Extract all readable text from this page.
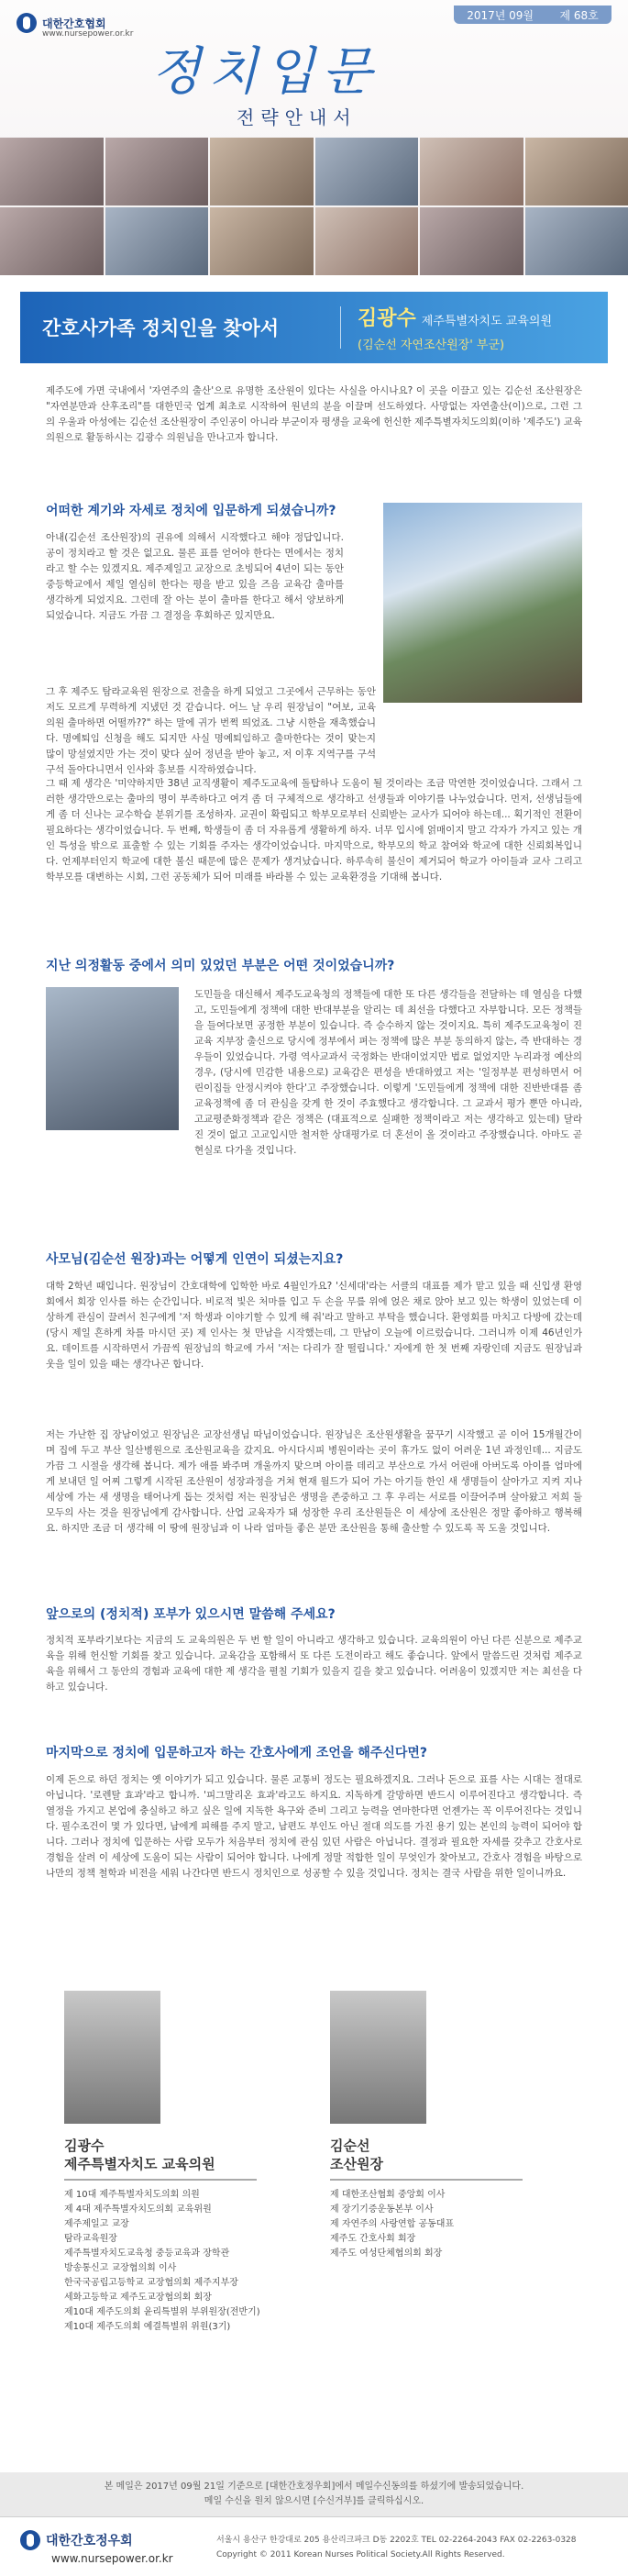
대한간호협회
www.nursepower.or.kr
2017년 09월 제 68호
정치입문
전략안내서
간호사가족 정치인을 찾아서	김광수 제주특별자치도 교육의원
(김순선 자연조산원장' 부군)

제주도에 가면 국내에서 '자연주의 출산'으로 유명한 조산원이 있다는 사실을 아시나요? 이 곳을 이끌고 있는 김순선 조산원장은 "자연분만과 산후조리"를 대한민국 업계 최초로 시작하여 원년의 분을 이끌며 선도하였다. 사망없는 자연출산(이)으로, 그런 그의 우울과 아성에는 김순선 조산원장이 주인공이 아니라 부군이자 평생을 교육에 헌신한 제주특별자치도의회(이하 '제주도') 교육의원으로 활동하시는 김광수 의원님을 만나고자 합니다.

어떠한 계기와 자세로 정치에 입문하게 되셨습니까?

아내(김순선 조산원장)의 권유에 의해서 시작했다고 해야 정답입니다. 공이 정치라고 할 것은 없고요. 물론 표를 얻어야 한다는 면에서는 정치라고 할 수는 있겠지요. 제주제일고 교장으로 초빙되어 4년이 되는 동안 중등학교에서 제일 열심히 한다는 평을 받고 있을 즈음 교육감 출마를 생각하게 되었지요. 그런데 잘 아는 분이 출마를 한다고 해서 양보하게 되었습니다. 지금도 가끔 그 결정을 후회하곤 있지만요.

그 후 제주도 탐라교육원 원장으로 전출을 하게 되었고 그곳에서 근무하는 동안 저도 모르게 무력하게 지냈던 것 같습니다. 어느 날 우리 원장님이 "여보, 교육의원 출마하면 어떨까??" 하는 말에 귀가 번쩍 띄었죠. 그냥 시한을 재촉했습니다. 명예퇴임 신청을 해도 되지만 사실 명예퇴임하고 출마한다는 것이 맞는지 많이 망설였지만 가는 것이 맞다 싶어 정년을 받아 놓고, 저 이후 지역구를 구석구석 돌아다니면서 인사와 흥보를 시작하였습니다.

그 때 제 생각은 '미약하지만 38년 교직생활이 제주도교육에 돌탑하나 도움이 될 것이라는 조금 막연한 것이었습니다. 그래서 그러한 생각만으로는 출마의 명이 부족하다고 여겨 좀 더 구체적으로 생각하고 선생들과 이야기를 나누었습니다. 먼저, 선생님들에게 좀 더 신나는 교수학습 분위기를 조성하자. 교권이 확립되고 학부모로부터 신뢰받는 교사가 되어야 하는데... 획기적인 전환이 필요하다는 생각이었습니다. 두 번째, 학생들이 좀 더 자유롭게 생활하게 하자. 너무 입시에 얽매이지 말고 각자가 가지고 있는 개인 특성을 밖으로 표출할 수 있는 기회를 주자는 생각이었습니다. 마지막으로, 학부모의 학교 참여와 학교에 대한 신뢰회복입니다. 언제부터인지 학교에 대한 불신 때문에 많은 문제가 생겨났습니다. 하루속히 불신이 제거되어 학교가 아이들과 교사 그리고 학부모를 대변하는 시회, 그런 공동체가 되어 미래를 바라볼 수 있는 교육환경을 기대해 봅니다.

지난 의정활동 중에서 의미 있었던 부분은 어떤 것이었습니까?

도민들을 대신해서 제주도교육청의 정책들에 대한 또 다른 생각들을 전달하는 데 열심을 다했고, 도민들에게 정책에 대한 반대부분을 알리는 데 최선을 다했다고 자부합니다. 모든 정책들을 들여다보면 공정한 부분이 있습니다. 즉 승수하지 않는 것이지요. 특히 제주도교육청이 진교육 지부장 출신으로 당시에 정부에서 펴는 정책에 많은 부분 동의하지 않는, 즉 반대하는 경우들이 있었습니다. 가령 역사교과서 국정화는 반대이었지만 법로 없었지만 누리과정 예산의 경우, (당시에 민감한 내용으로) 교육감은 편성을 반대하였고 저는 '일정부분 편성하면서 어린이집들 안정시켜야 한다'고 주장했습니다. 이렇게 '도민들에게 정책에 대한 진반반대를 좀 교육정책에 좀 더 관심을 갖게 한 것이 주효했다고 생각합니다. 그 교과서 평가 뿐만 아니라, 고교평준화정책과 같은 정책은 (대표적으로 실패한 정책이라고 저는 생각하고 있는데) 달라진 것이 없고 고교입시만 철저한 상대평가로 더 혼선이 올 것이라고 주장했습니다. 아마도 곧 현실로 다가올 것입니다.

사모님(김순선 원장)과는 어떻게 인연이 되셨는지요?

대학 2학년 때입니다. 원장님이 간호대학에 입학한 바로 4월인가요? '신세대'라는 서클의 대표를 제가 맡고 있을 때 신입생 환영회에서 회장 인사를 하는 순간입니다. 비로적 빛은 처마를 입고 두 손을 무릎 위에 얹은 채로 앉아 보고 있는 학생이 있었는데 이상하게 관심이 끌려서 친구에게 '저 학생과 이야기할 수 있게 해 줘'라고 말하고 부탁을 했습니다. 환영회를 마치고 다방에 갔는데 (당시 제일 흔하게 차를 마시던 곳) 제 인사는 첫 만남을 시작했는데, 그 만남이 오늘에 이르렀습니다. 그러니까 이제 46년인가요. 데이트를 시작하면서 가끔씩 원장님의 학교에 가서 '저는 다리가 잘 떨립니다.' 자에게 한 첫 번째 자랑인데 지금도 원장님과 웃을 일이 있을 때는 생각나곤 합니다.

저는 가난한 집 장남이었고 원장님은 교장선생님 따님이었습니다. 원장님은 조산원생활을 꿈꾸기 시작했고 곧 이어 15개월간이며 집에 두고 부산 일산병원으로 조산원교육을 갔지요. 아시다시피 병원이라는 곳이 휴가도 없이 어려운 1년 과정인데... 지금도 가끔 그 시절을 생각해 봅니다. 제가 애를 봐주며 개울까지 맞으며 아이를 데리고 부산으로 가서 어린애 아버도록 아이를 엄마에게 보내던 일 어찌 그렇게 시작된 조산원이 성장과정을 거쳐 현재 월드가 되어 가는 아기들 한인 새 생명들이 살아가고 지켜 지나 세상에 가는 새 생명을 태어나게 돕는 것처럼 저는 원장님은 생명을 존중하고 그 후 우리는 서로를 이끌어주며 살아왔고 저희 둘 모두의 사는 것을 원장님에게 감사합니다. 산업 교육자가 돼 성장한 우리 조산원들은 이 세상에 조산원은 정말 좋아하고 행복해요. 하지만 조금 더 생각해 이 땅에 원장님과 이 나라 엄마들 좋은 분만 조산원을 통해 출산할 수 있도록 꼭 도울 것입니다.

앞으로의 (정치적) 포부가 있으시면 말씀해 주세요?

정치적 포부라기보다는 지금의 도 교육의원은 두 번 할 일이 아니라고 생각하고 있습니다. 교육의원이 아닌 다른 신분으로 제주교육을 위해 헌신할 기회를 찾고 있습니다. 교육감을 포함해서 또 다른 도전이라고 해도 좋습니다. 앞에서 말씀드린 것처럼 제주교육을 위해서 그 동안의 경험과 교육에 대한 제 생각을 펼칠 기회가 있을지 길을 찾고 있습니다. 어려움이 있겠지만 저는 최선을 다하고 있습니다.

마지막으로 정치에 입문하고자 하는 간호사에게 조언을 해주신다면?

이제 돈으로 하던 정치는 옛 이야기가 되고 있습니다. 물론 교통비 정도는 필요하겠지요. 그러나 돈으로 표를 사는 시대는 절대로 아닙니다. '로렌탈 효과'라고 합니까. '피그말리온 효과'라고도 하지요. 지독하게 갈망하면 반드시 이루어진다고 생각합니다. 즉 열정을 가지고 본업에 충실하고 하고 싶은 일에 지독한 욕구와 준비 그리고 능력을 연마한다면 언젠가는 꼭 이루어진다는 것입니다. 필수조건이 몇 가 있다면, 남에게 피해를 주지 말고, 남편도 부인도 아닌 절대 의도를 가진 용기 있는 본인의 능력이 되어야 합니다. 그러나 정치에 입문하는 사람 모두가 처음부터 정치에 관심 있던 사람은 아닙니다. 결정과 필요한 자세를 갖추고 간호사로 경험을 살려 이 세상에 도움이 되는 사람이 되어야 합니다. 나에게 정말 적합한 일이 무엇인가 찾아보고, 간호사 경험을 바탕으로 나만의 정책 철학과 비전을 세워 나간다면 반드시 정치인으로 성공할 수 있을 것입니다. 정치는 결국 사람을 위한 일이니까요.

김광수
제주특별자치도 교육의원
제 10대 제주특별자치도의회 의원
제 4대 제주특별자치도의회 교육위원
제주제일고 교장
탐라교육원장
제주특별자치도교육청 중등교육과 장학관
방송통신고 교장협의회 이사
한국국공립고등학교 교장협의회 제주지부장
세화고등학교 제주도교장협의회 회장
제10대 제주도의회 윤리특별위 부위원장(전반기)
제10대 제주도의회 예결특별위 위원(3기)
김순선
조산원장
제 대한조산협회 중앙회 이사
제 장기기증운동본부 이사
제 자연주의 사랑연합 공동대표
제주도 간호사회 회장
제주도 여성단체협의회 회장
본 메일은 2017년 09월 21일 기준으로 [대한간호정우회]에서 메일수신동의를 하셨기에 발송되었습니다.
메일 수신을 원치 않으시면 [수신거부]를 클릭하십시오.
대한간호정우회
www.nursepower.or.kr
서울시 용산구 한강대로 205 용산리크파크 D동 2202호 TEL 02-2264-2043 FAX 02-2263-0328
Copyright © 2011 Korean Nurses Political Society.All Rights Reserved.
